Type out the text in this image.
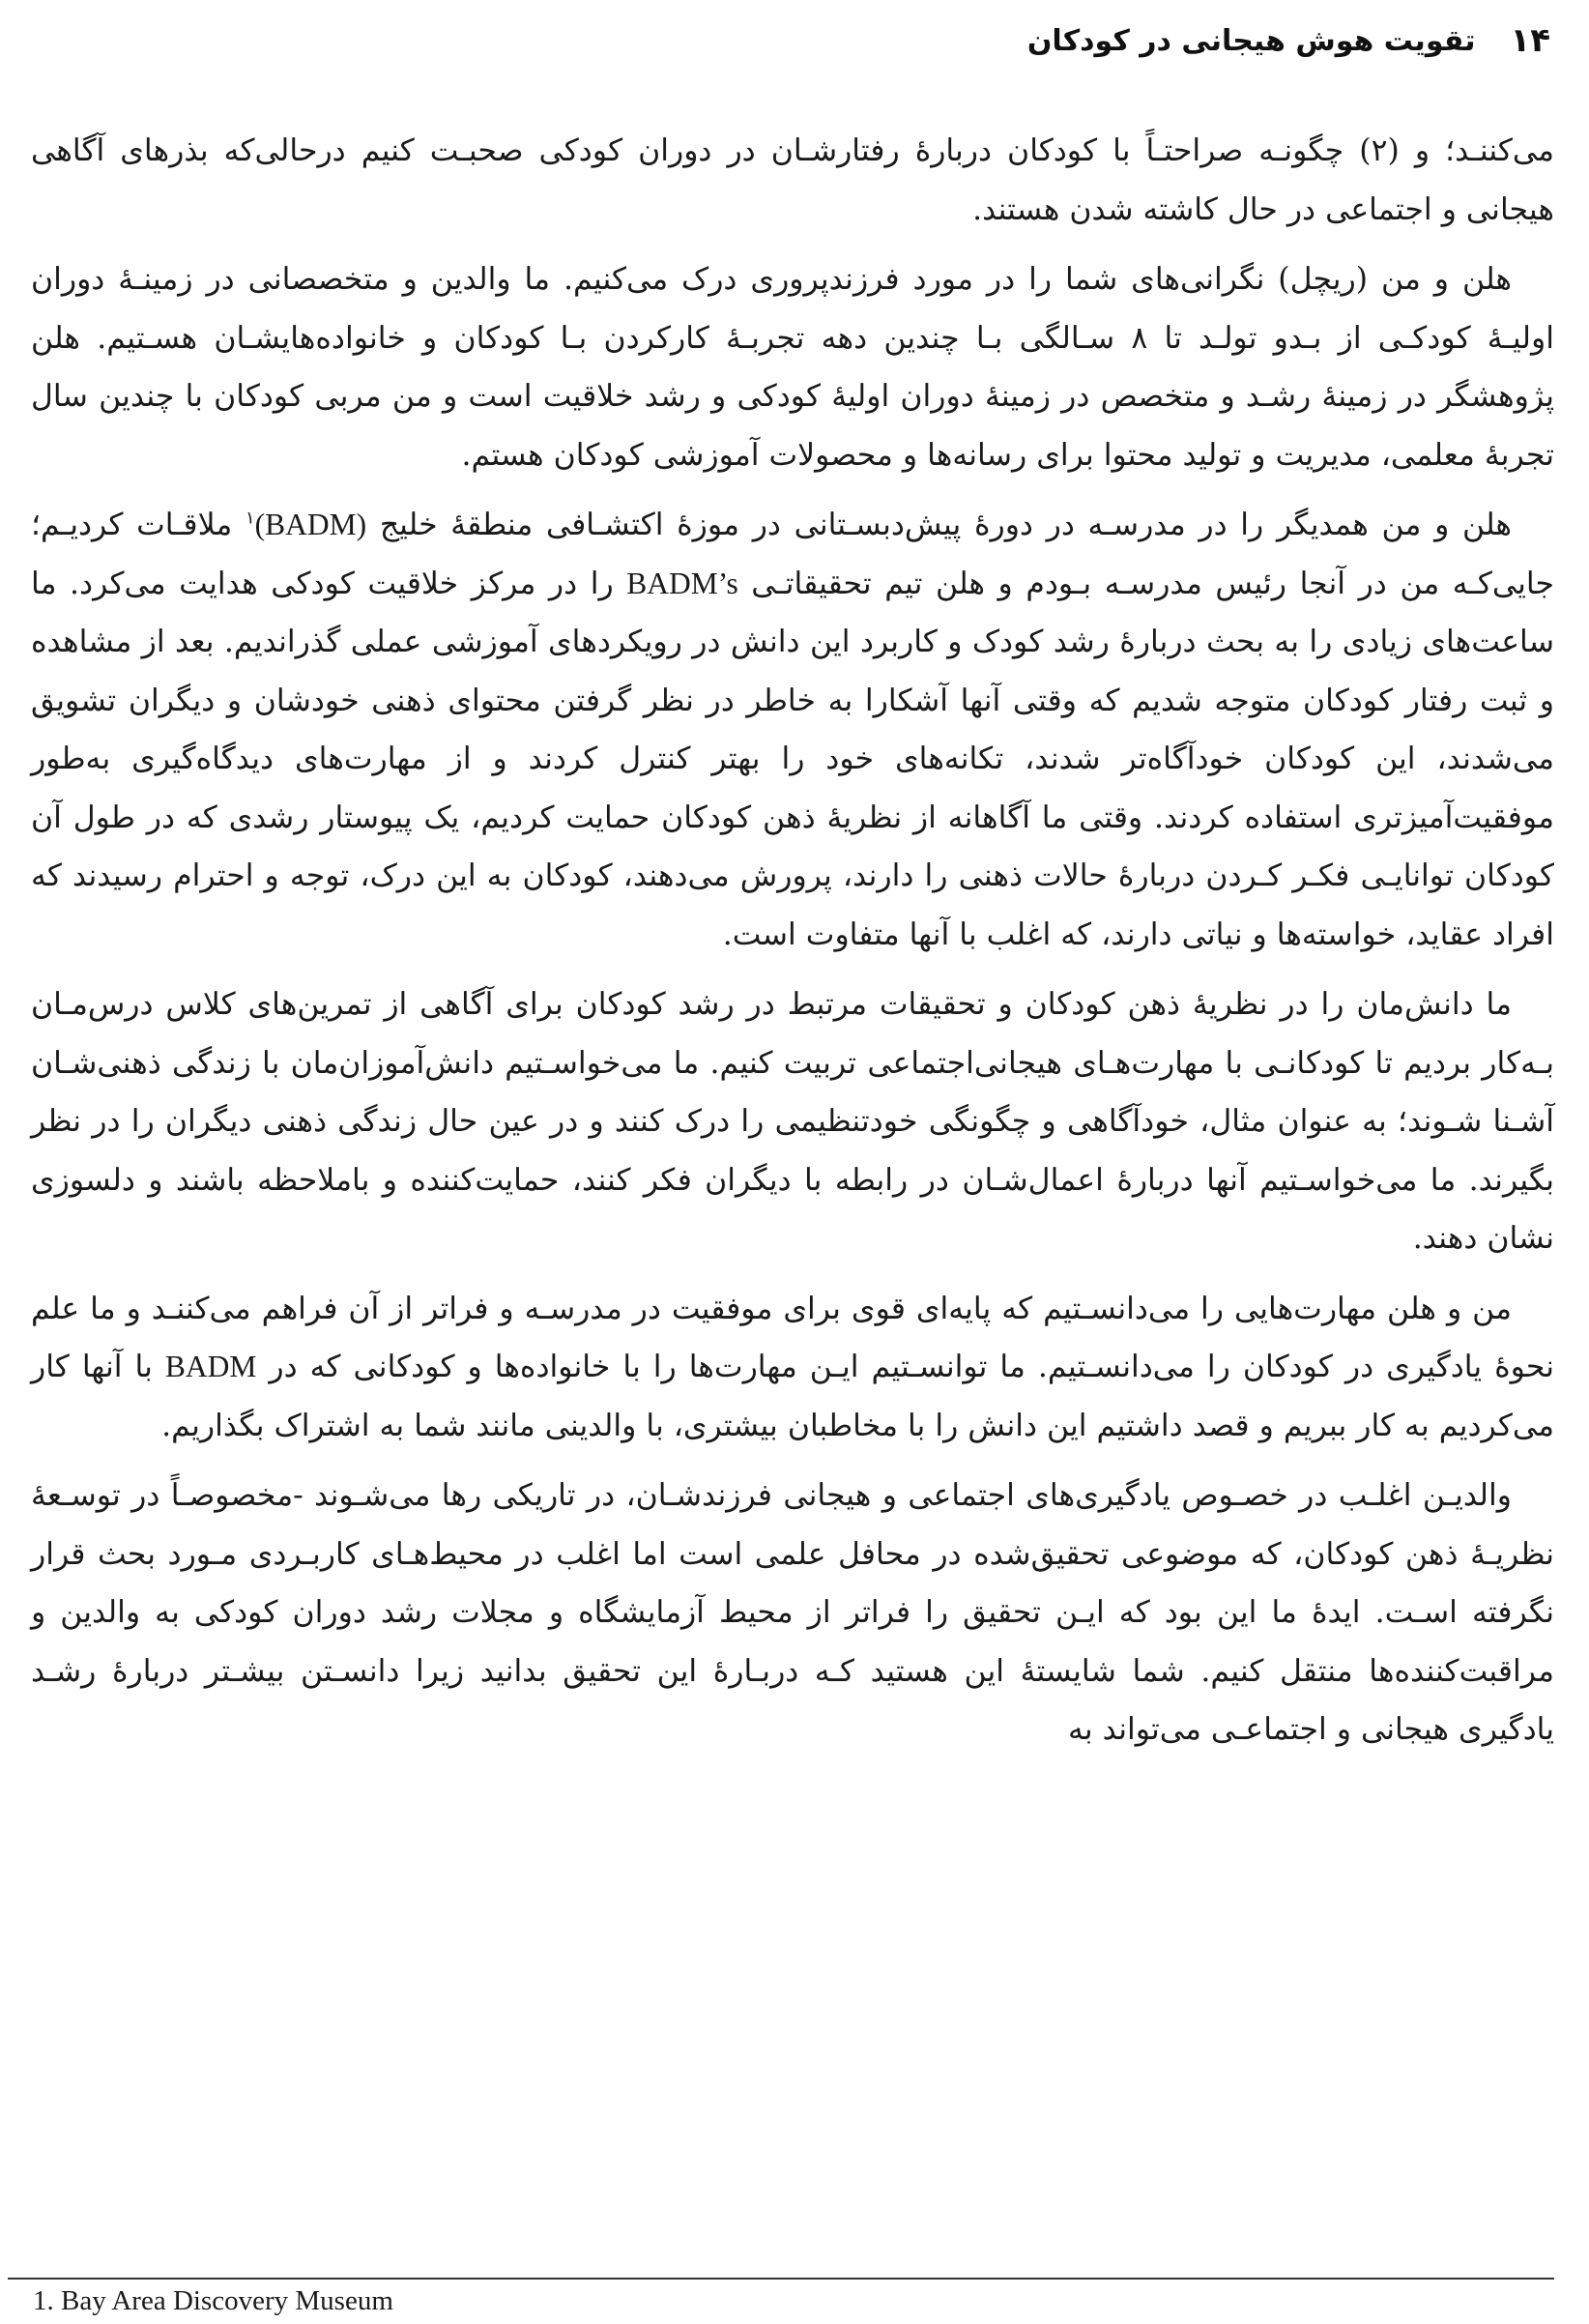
۱۴
تقویت هوش هیجانی در کودکان

می‌کننـد؛ و (۲) چگونـه صراحتـاً با کودکان دربارهٔ رفتارشـان در دوران کودکی صحبـت کنیم درحالی‌که بذرهای آگاهی هیجانی و اجتماعی در حال کاشته شدن هستند.

هلن و من (ریچل) نگرانی‌های شما را در مورد فرزندپروری درک می‌کنیم. ما والدین و متخصصانی در زمینـهٔ دوران اولیـهٔ کودکـی از بـدو تولـد تا ۸ سـالگی بـا چندین دهه تجربـهٔ کارکردن بـا کودکان و خانواده‌هایشـان هسـتیم. هلن پژوهشگر در زمینهٔ رشـد و متخصص در زمینهٔ دوران اولیهٔ کودکی و رشد خلاقیت است و من مربی کودکان با چندین سال تجربهٔ معلمی، مدیریت و تولید محتوا برای رسانه‌ها و محصولات آموزشی کودکان هستم.

هلن و من همدیگر را در مدرسـه در دورهٔ پیش‌دبسـتانی در موزهٔ اکتشـافی منطقهٔ خلیج (BADM)$^۱$ ملاقـات کردیـم؛ جایی‌کـه من در آنجا رئیس مدرسـه بـودم و هلن تیم تحقیقاتـی BADM’s را در مرکز خلاقیت کودکی هدایت می‌کرد. ما ساعت‌های زیادی را به بحث دربارهٔ رشد کودک و کاربرد این دانش در رویکردهای آموزشی عملی گذراندیم. بعد از مشاهده و ثبت رفتار کودکان متوجه شدیم که وقتی آنها آشکارا به خاطر در نظر گرفتن محتوای ذهنی خودشان و دیگران تشویق می‌شدند، این کودکان خودآگاه‌تر شدند، تکانه‌های خود را بهتر کنترل کردند و از مهارت‌های دیدگاه‌گیری به‌طور موفقیت‌آمیزتری استفاده کردند. وقتی ما آگاهانه از نظریهٔ ذهن کودکان حمایت کردیم، یک پیوستار رشدی که در طول آن کودکان توانایـی فکـر کـردن دربارهٔ حالات ذهنی را دارند، پرورش می‌دهند، کودکان به این درک، توجه و احترام رسیدند که افراد عقاید، خواسته‌ها و نیاتی دارند، که اغلب با آنها متفاوت است.

ما دانش‌مان را در نظریهٔ ذهن کودکان و تحقیقات مرتبط در رشد کودکان برای آگاهی از تمرین‌های کلاس درس‌مـان بـه‌کار بردیم تا کودکانـی با مهارت‌هـای هیجانی‌اجتماعی تربیت کنیم. ما می‌خواسـتیم دانش‌آموزان‌مان با زندگی ذهنی‌شـان آشـنا شـوند؛ به عنوان مثال، خودآگاهی و چگونگی خودتنظیمی را درک کنند و در عین حال زندگی ذهنی دیگران را در نظر بگیرند. ما می‌خواسـتیم آنها دربارهٔ اعمال‌شـان در رابطه با دیگران فکر کنند، حمایت‌کننده و باملاحظه باشند و دلسوزی نشان دهند.

من و هلن مهارت‌هایی را می‌دانسـتیم که پایه‌ای قوی برای موفقیت در مدرسـه و فراتر از آن فراهم می‌کننـد و ما علم نحوهٔ یادگیری در کودکان را می‌دانسـتیم. ما توانسـتیم ایـن مهارت‌ها را با خانواده‌ها و کودکانی که در BADM با آنها کار می‌کردیم به کار ببریم و قصد داشتیم این دانش را با مخاطبان بیشتری، با والدینی مانند شما به اشتراک بگذاریم.

والدیـن اغلـب در خصـوص یادگیری‌های اجتماعی و هیجانی فرزندشـان، در تاریکی رها می‌شـوند -مخصوصـاً در توسـعهٔ نظریـهٔ ذهن کودکان، که موضوعی تحقیق‌شده در محافل علمی است اما اغلب در محیط‌هـای کاربـردی مـورد بحث قرار نگرفته اسـت. ایدهٔ ما این بود که ایـن تحقیق را فراتر از محیط آزمایشگاه و مجلات رشد دوران کودکی به والدین و مراقبت‌کننده‌ها منتقل کنیم. شما شایستهٔ این هستید کـه دربـارهٔ این تحقیق بدانید زیرا دانسـتن بیشـتر دربارهٔ رشـد یادگیری هیجانی و اجتماعـی می‌تواند به

1. Bay Area Discovery Museum
